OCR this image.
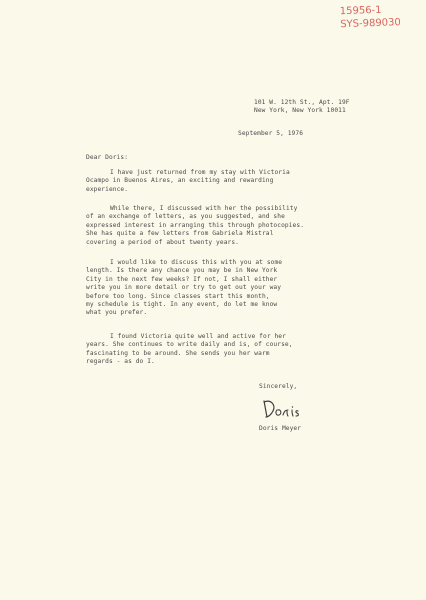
15956-1
SYS-989030
101 W. 12th St., Apt. 19F
New York, New York 10011
September 5, 1976
Dear Doris:
I have just returned from my stay with Victoria
Ocampo in Buenos Aires, an exciting and rewarding
experience.
While there, I discussed with her the possibility
of an exchange of letters, as you suggested, and she
expressed interest in arranging this through photocopies.
She has quite a few letters from Gabriela Mistral
covering a period of about twenty years.
I would like to discuss this with you at some
length. Is there any chance you may be in New York
City in the next few weeks? If not, I shall either
write you in more detail or try to get out your way
before too long. Since classes start this month,
my schedule is tight. In any event, do let me know
what you prefer.
I found Victoria quite well and active for her
years. She continues to write daily and is, of course,
fascinating to be around. She sends you her warm
regards - as do I.
Sincerely,
Doris Meyer
